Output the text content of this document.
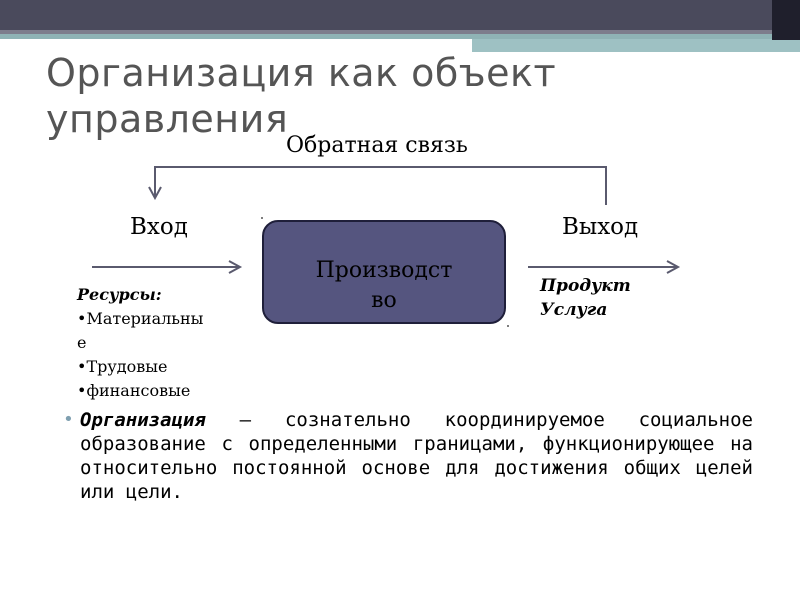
Организация как объект
управления
Обратная связь
Вход	Выход
Производст
во
Ресурсы:
•Материальны
е
•Трудовые
•финансовые
Продукт
Услуга
• Организация – сознательно координируемое социальное образование с определенными границами, функционирующее на относительно постоянной основе для достижения общих целей или цели.
